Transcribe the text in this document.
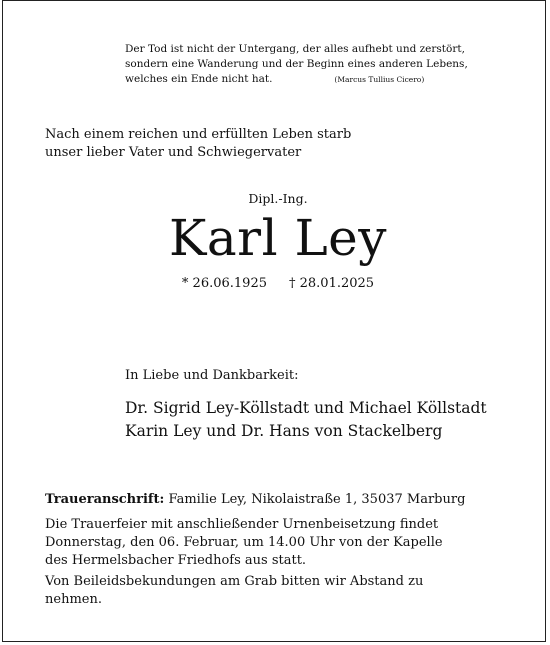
Der Tod ist nicht der Untergang, der alles aufhebt und zerstört,
sondern eine Wanderung und der Beginn eines anderen Lebens,
welches ein Ende nicht hat.	(Marcus Tullius Cicero)
Nach einem reichen und erfüllten Leben starb
unser lieber Vater und Schwiegervater
Dipl.-Ing.
Karl Ley
* 26.06.1925 † 28.01.2025
In Liebe und Dankbarkeit:
Dr. Sigrid Ley-Köllstadt und Michael Köllstadt
Karin Ley und Dr. Hans von Stackelberg
Traueranschrift: Familie Ley, Nikolaistraße 1, 35037 Marburg
Die Trauerfeier mit anschließender Urnenbeisetzung findet
Donnerstag, den 06. Februar, um 14.00 Uhr von der Kapelle
des Hermelsbacher Friedhofs aus statt.
Von Beileidsbekundungen am Grab bitten wir Abstand zu
nehmen.
